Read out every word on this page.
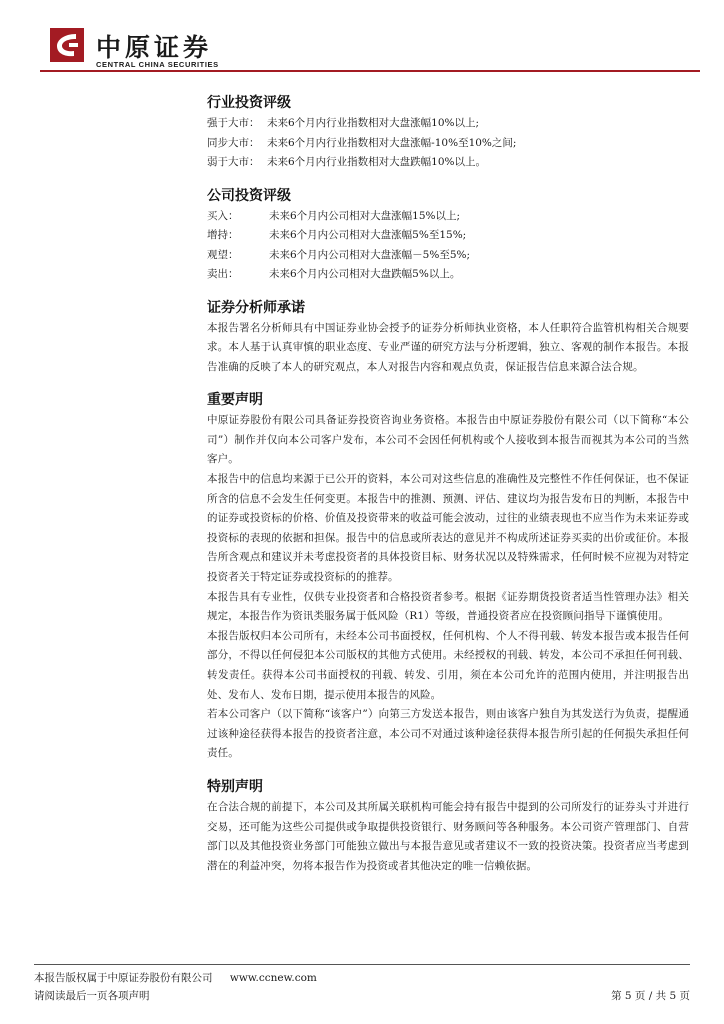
中原证券
CENTRAL CHINA SECURITIES
行业投资评级
强于大市： 未来6个月内行业指数相对大盘涨幅10%以上;
同步大市： 未来6个月内行业指数相对大盘涨幅-10%至10%之间;
弱于大市： 未来6个月内行业指数相对大盘跌幅10%以上。
公司投资评级
买入：	未来6个月内公司相对大盘涨幅15%以上;
增持：	未来6个月内公司相对大盘涨幅5%至15%;
观望：	未来6个月内公司相对大盘涨幅－5%至5%;
卖出：	未来6个月内公司相对大盘跌幅5%以上。
证券分析师承诺

本报告署名分析师具有中国证券业协会授予的证券分析师执业资格，本人任职符合监管机构相关合规要求。本人基于认真审慎的职业态度、专业严谨的研究方法与分析逻辑，独立、客观的制作本报告。本报告准确的反映了本人的研究观点，本人对报告内容和观点负责，保证报告信息来源合法合规。

重要声明

中原证券股份有限公司具备证券投资咨询业务资格。本报告由中原证券股份有限公司（以下简称“本公司”）制作并仅向本公司客户发布，本公司不会因任何机构或个人接收到本报告而视其为本公司的当然客户。

本报告中的信息均来源于已公开的资料，本公司对这些信息的准确性及完整性不作任何保证，也不保证所含的信息不会发生任何变更。本报告中的推测、预测、评估、建议均为报告发布日的判断，本报告中的证券或投资标的价格、价值及投资带来的收益可能会波动，过往的业绩表现也不应当作为未来证券或投资标的表现的依据和担保。报告中的信息或所表达的意见并不构成所述证券买卖的出价或征价。本报告所含观点和建议并未考虑投资者的具体投资目标、财务状况以及特殊需求，任何时候不应视为对特定投资者关于特定证券或投资标的的推荐。

本报告具有专业性，仅供专业投资者和合格投资者参考。根据《证券期货投资者适当性管理办法》相关规定，本报告作为资讯类服务属于低风险（R1）等级，普通投资者应在投资顾问指导下谨慎使用。

本报告版权归本公司所有，未经本公司书面授权，任何机构、个人不得刊载、转发本报告或本报告任何部分，不得以任何侵犯本公司版权的其他方式使用。未经授权的刊载、转发，本公司不承担任何刊载、转发责任。获得本公司书面授权的刊载、转发、引用，须在本公司允许的范围内使用，并注明报告出处、发布人、发布日期，提示使用本报告的风险。

若本公司客户（以下简称“该客户”）向第三方发送本报告，则由该客户独自为其发送行为负责，提醒通过该种途径获得本报告的投资者注意，本公司不对通过该种途径获得本报告所引起的任何损失承担任何责任。

特别声明

在合法合规的前提下，本公司及其所属关联机构可能会持有报告中提到的公司所发行的证券头寸并进行交易，还可能为这些公司提供或争取提供投资银行、财务顾问等各种服务。本公司资产管理部门、自营部门以及其他投资业务部门可能独立做出与本报告意见或者建议不一致的投资决策。投资者应当考虑到潜在的利益冲突，勿将本报告作为投资或者其他决定的唯一信赖依据。

本报告版权属于中原证券股份有限公司 www.ccnew.com
请阅读最后一页各项声明	第 5 页 / 共 5 页
